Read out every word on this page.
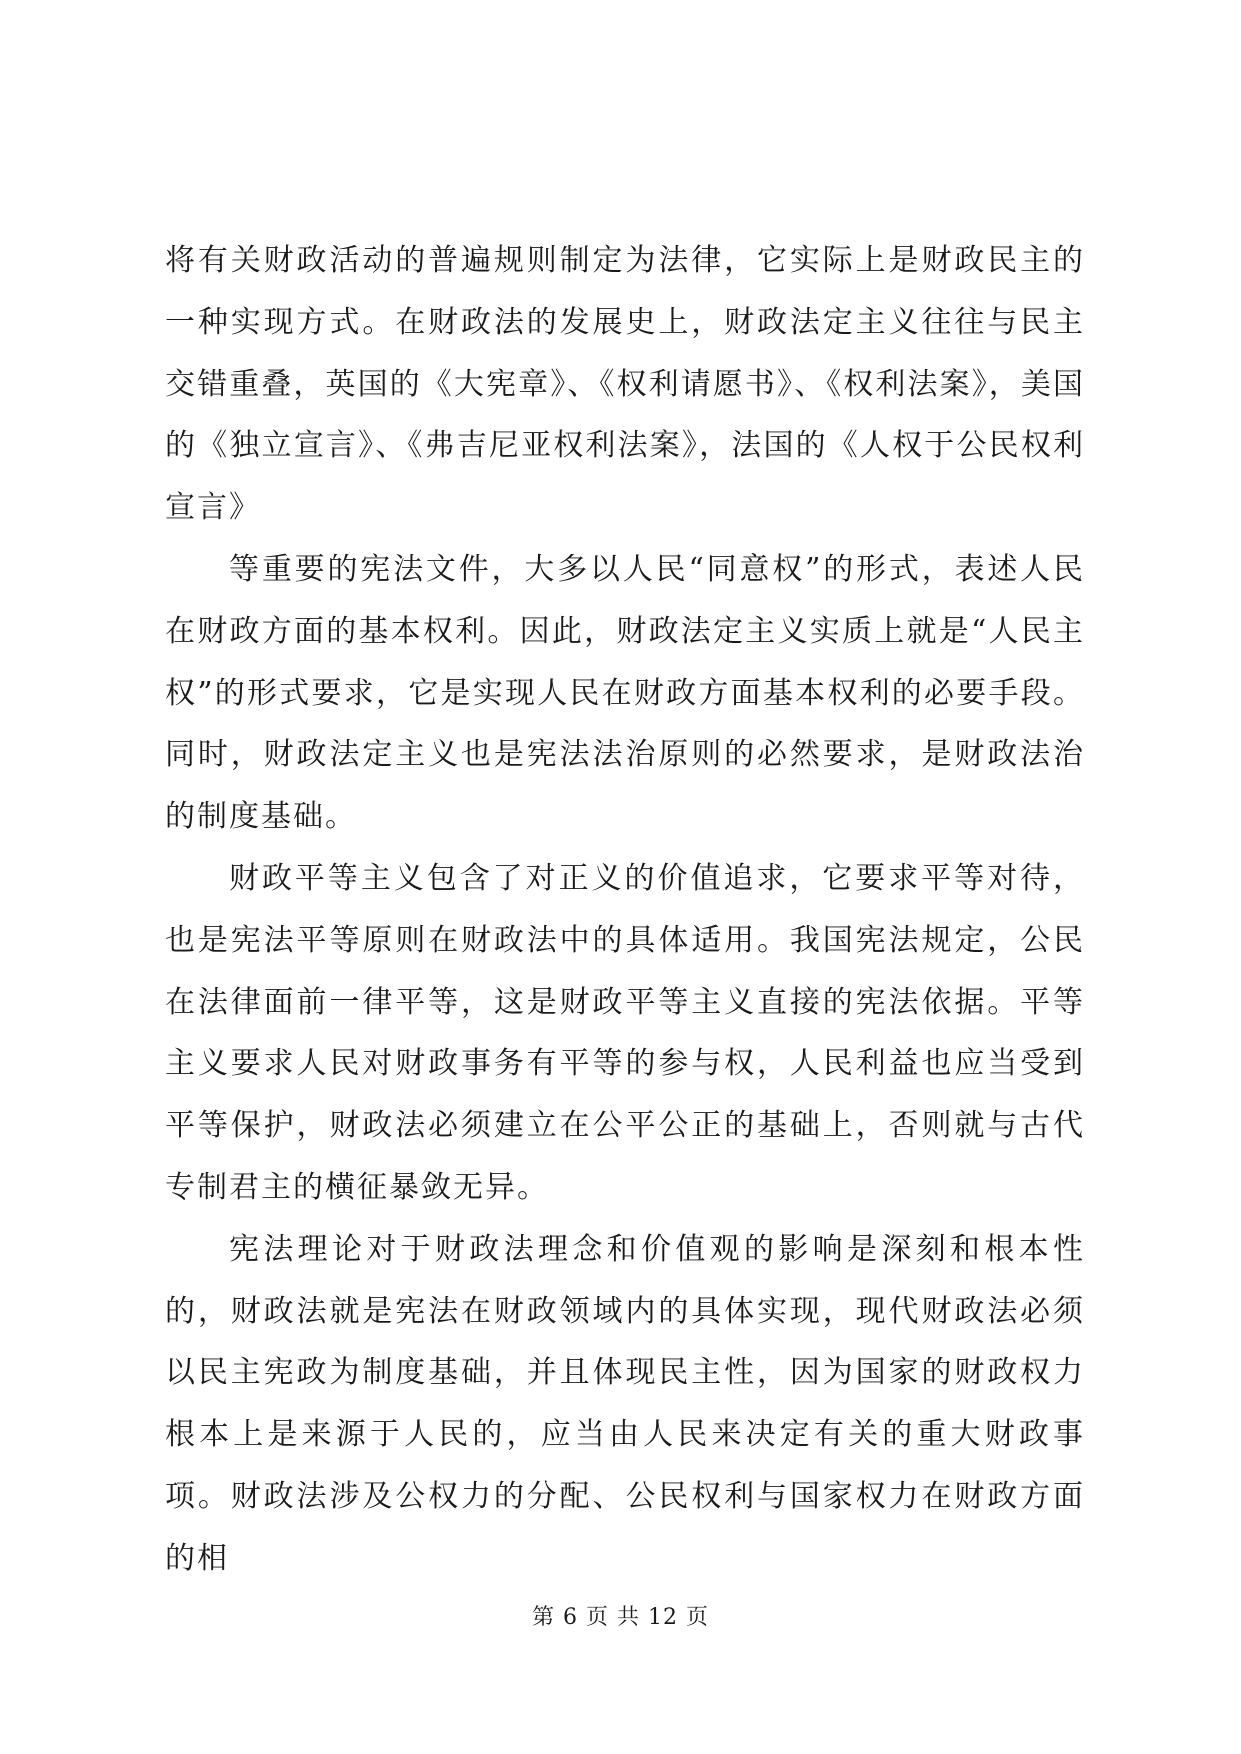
将有关财政活动的普遍规则制定为法律，它实际上是财政民主的一种实现方式。在财政法的发展史上，财政法定主义往往与民主交错重叠，英国的《大宪章》、《权利请愿书》、《权利法案》，美国的《独立宣言》、《弗吉尼亚权利法案》，法国的《人权于公民权利宣言》

等重要的宪法文件，大多以人民“同意权”的形式，表述人民在财政方面的基本权利。因此，财政法定主义实质上就是“人民主权”的形式要求，它是实现人民在财政方面基本权利的必要手段。同时，财政法定主义也是宪法法治原则的必然要求，是财政法治的制度基础。

财政平等主义包含了对正义的价值追求，它要求平等对待，也是宪法平等原则在财政法中的具体适用。我国宪法规定，公民在法律面前一律平等，这是财政平等主义直接的宪法依据。平等主义要求人民对财政事务有平等的参与权，人民利益也应当受到平等保护，财政法必须建立在公平公正的基础上，否则就与古代专制君主的横征暴敛无异。

宪法理论对于财政法理念和价值观的影响是深刻和根本性的，财政法就是宪法在财政领域内的具体实现，现代财政法必须以民主宪政为制度基础，并且体现民主性，因为国家的财政权力根本上是来源于人民的，应当由人民来决定有关的重大财政事项。财政法涉及公权力的分配、公民权利与国家权力在财政方面的相

第 6 页 共 12 页
